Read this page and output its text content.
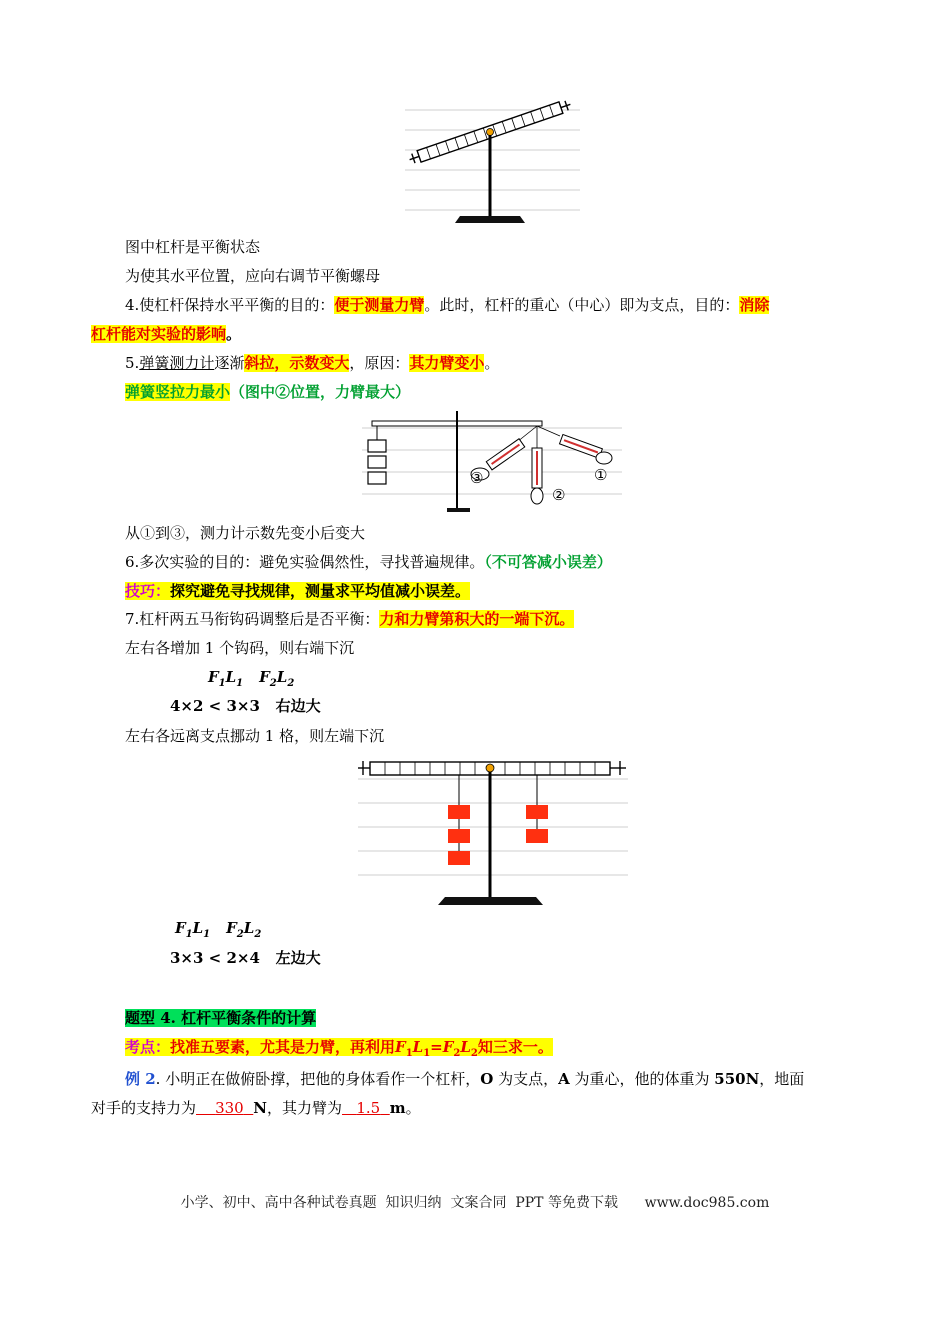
图中杠杆是平衡状态
为使其水平位置，应向右调节平衡螺母
4.使杠杆保持水平平衡的目的：便于测量力臂。此时，杠杆的重心（中心）即为支点，目的：消除
杠杆能对实验的影响。
5.弹簧测力计逐渐斜拉，示数变大，原因：其力臂变小。
弹簧竖拉力最小（图中②位置，力臂最大）
③
②
①
从①到③，测力计示数先变小后变大
6.多次实验的目的：避免实验偶然性，寻找普遍规律。（不可答减小误差）
技巧：探究避免寻找规律，测量求平均值减小误差。
7.杠杆两五马衔钩码调整后是否平衡：力和力臂第积大的一端下沉。
左右各增加 1 个钩码，则右端下沉
$F_1L_1$ $F_2L_2$
4×2 < 3×3   右边大
左右各远离支点挪动 1 格，则左端下沉
$F_1L_1$ $F_2L_2$
3×3 < 2×4   左边大
题型 4. 杠杆平衡条件的计算
考点：找准五要素，尤其是力臂，再利用$F_1L_1=F_2L_2$知三求一。
例 2. 小明正在做俯卧撑，把他的身体看作一个杠杆，O 为支点，A 为重心，他的体重为 550N，地面
对手的支持力为 330 N，其力臂为 1.5 m。
小学、初中、高中各种试卷真题  知识归纳  文案合同  PPT 等免费下载      www.doc985.com
